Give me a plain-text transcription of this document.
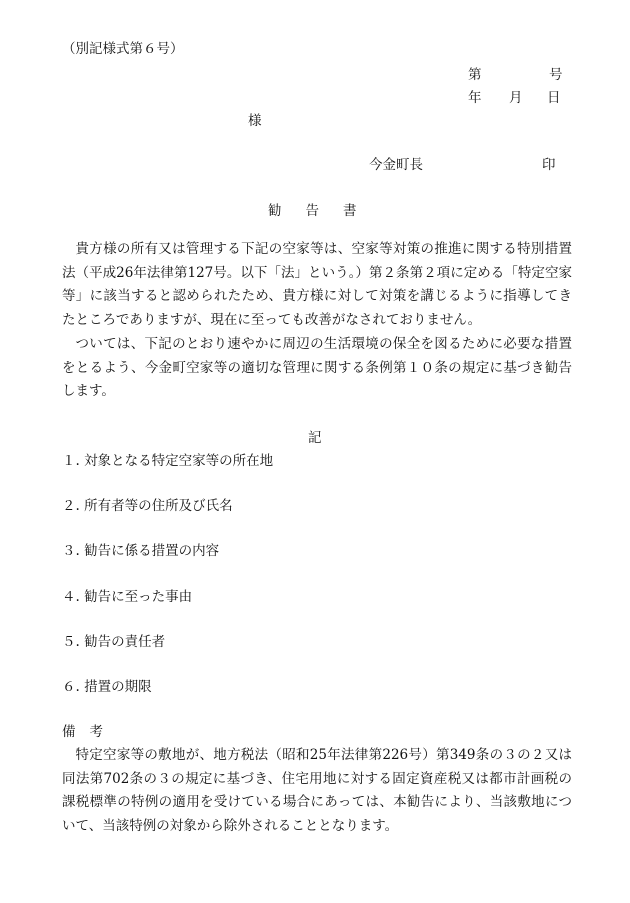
（別記様式第６号）
第	号
年 月 日
様
今金町長	印
勧 告 書
貴方様の所有又は管理する下記の空家等は、空家等対策の推進に関する特別措置法（平成26年法律第127号。以下「法」という。）第２条第２項に定める「特定空家等」に該当すると認められたため、貴方様に対して対策を講じるように指導してきたところでありますが、現在に至っても改善がなされておりません。
ついては、下記のとおり速やかに周辺の生活環境の保全を図るために必要な措置をとるよう、今金町空家等の適切な管理に関する条例第１０条の規定に基づき勧告します。
記
１. 対象となる特定空家等の所在地
２. 所有者等の住所及び氏名
３. 勧告に係る措置の内容
４. 勧告に至った事由
５. 勧告の責任者
６. 措置の期限
備 考
特定空家等の敷地が、地方税法（昭和25年法律第226号）第349条の３の２又は同法第702条の３の規定に基づき、住宅用地に対する固定資産税又は都市計画税の課税標準の特例の適用を受けている場合にあっては、本勧告により、当該敷地について、当該特例の対象から除外されることとなります。
